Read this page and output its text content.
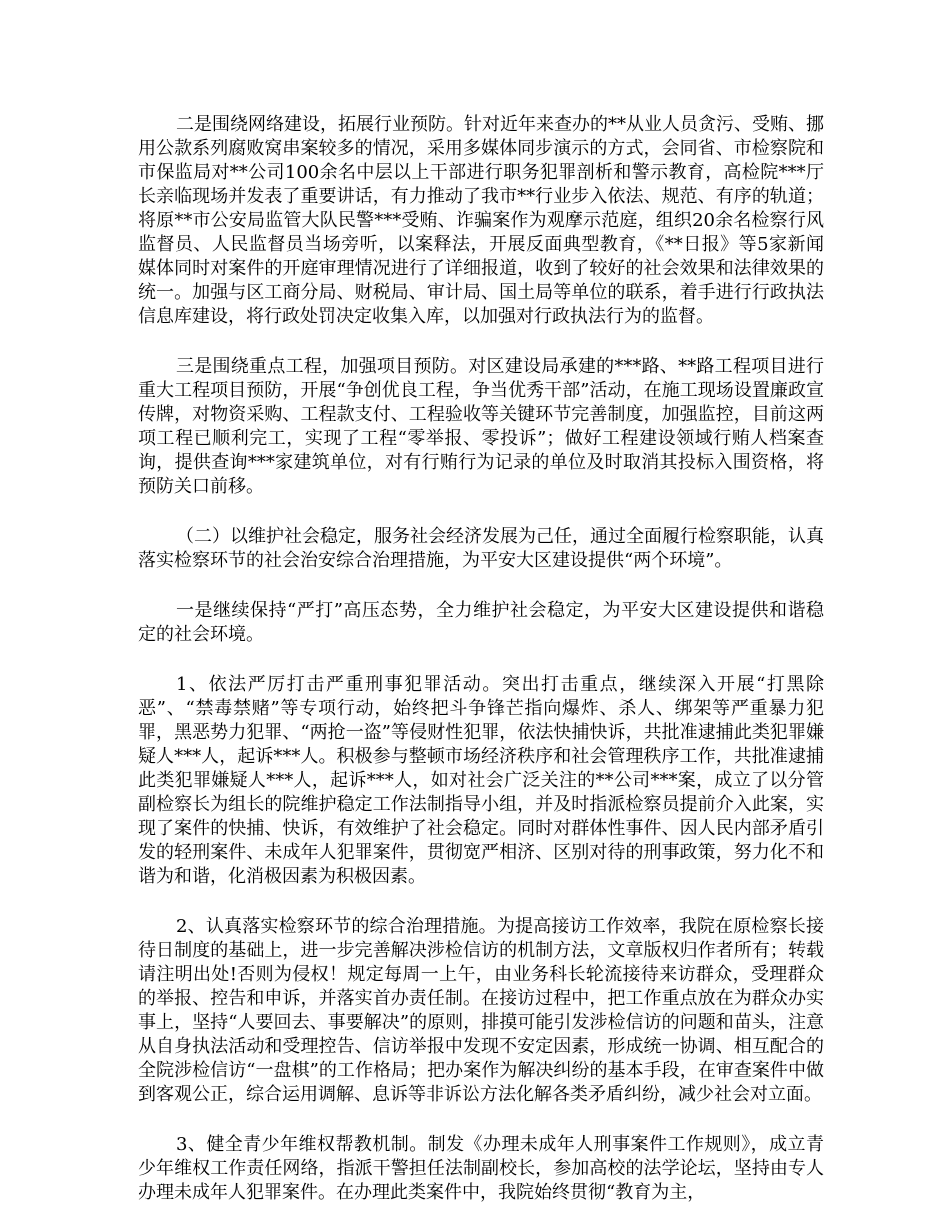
二是围绕网络建设，拓展行业预防。针对近年来查办的**从业人员贪污、受贿、挪用公款系列腐败窝串案较多的情况，采用多媒体同步演示的方式，会同省、市检察院和市保监局对**公司100余名中层以上干部进行职务犯罪剖析和警示教育，高检院***厅长亲临现场并发表了重要讲话，有力推动了我市**行业步入依法、规范、有序的轨道；将原**市公安局监管大队民警***受贿、诈骗案作为观摩示范庭，组织20余名检察行风监督员、人民监督员当场旁听，以案释法，开展反面典型教育，《**日报》等5家新闻媒体同时对案件的开庭审理情况进行了详细报道，收到了较好的社会效果和法律效果的统一。加强与区工商分局、财税局、审计局、国土局等单位的联系，着手进行行政执法信息库建设，将行政处罚决定收集入库，以加强对行政执法行为的监督。

三是围绕重点工程，加强项目预防。对区建设局承建的***路、**路工程项目进行重大工程项目预防，开展“争创优良工程，争当优秀干部”活动，在施工现场设置廉政宣传牌，对物资采购、工程款支付、工程验收等关键环节完善制度，加强监控，目前这两项工程已顺利完工，实现了工程“零举报、零投诉”；做好工程建设领域行贿人档案查询，提供查询***家建筑单位，对有行贿行为记录的单位及时取消其投标入围资格，将预防关口前移。

（二）以维护社会稳定，服务社会经济发展为己任，通过全面履行检察职能，认真落实检察环节的社会治安综合治理措施，为平安大区建设提供“两个环境”。

一是继续保持“严打”高压态势，全力维护社会稳定，为平安大区建设提供和谐稳定的社会环境。

1、依法严厉打击严重刑事犯罪活动。突出打击重点，继续深入开展“打黑除恶”、“禁毒禁赌”等专项行动，始终把斗争锋芒指向爆炸、杀人、绑架等严重暴力犯罪，黑恶势力犯罪、“两抢一盗”等侵财性犯罪，依法快捕快诉，共批准逮捕此类犯罪嫌疑人***人，起诉***人。积极参与整顿市场经济秩序和社会管理秩序工作，共批准逮捕此类犯罪嫌疑人***人，起诉***人，如对社会广泛关注的**公司***案，成立了以分管副检察长为组长的院维护稳定工作法制指导小组，并及时指派检察员提前介入此案，实现了案件的快捕、快诉，有效维护了社会稳定。同时对群体性事件、因人民内部矛盾引发的轻刑案件、未成年人犯罪案件，贯彻宽严相济、区别对待的刑事政策，努力化不和谐为和谐，化消极因素为积极因素。

2、认真落实检察环节的综合治理措施。为提高接访工作效率，我院在原检察长接待日制度的基础上，进一步完善解决涉检信访的机制方法，文章版权归作者所有；转载请注明出处!否则为侵权！规定每周一上午，由业务科长轮流接待来访群众，受理群众的举报、控告和申诉，并落实首办责任制。在接访过程中，把工作重点放在为群众办实事上，坚持“人要回去、事要解决”的原则，排摸可能引发涉检信访的问题和苗头，注意从自身执法活动和受理控告、信访举报中发现不安定因素，形成统一协调、相互配合的全院涉检信访“一盘棋”的工作格局；把办案作为解决纠纷的基本手段，在审查案件中做到客观公正，综合运用调解、息诉等非诉讼方法化解各类矛盾纠纷，减少社会对立面。

3、健全青少年维权帮教机制。制发《办理未成年人刑事案件工作规则》，成立青少年维权工作责任网络，指派干警担任法制副校长，参加高校的法学论坛，坚持由专人办理未成年人犯罪案件。在办理此类案件中，我院始终贯彻“教育为主，
